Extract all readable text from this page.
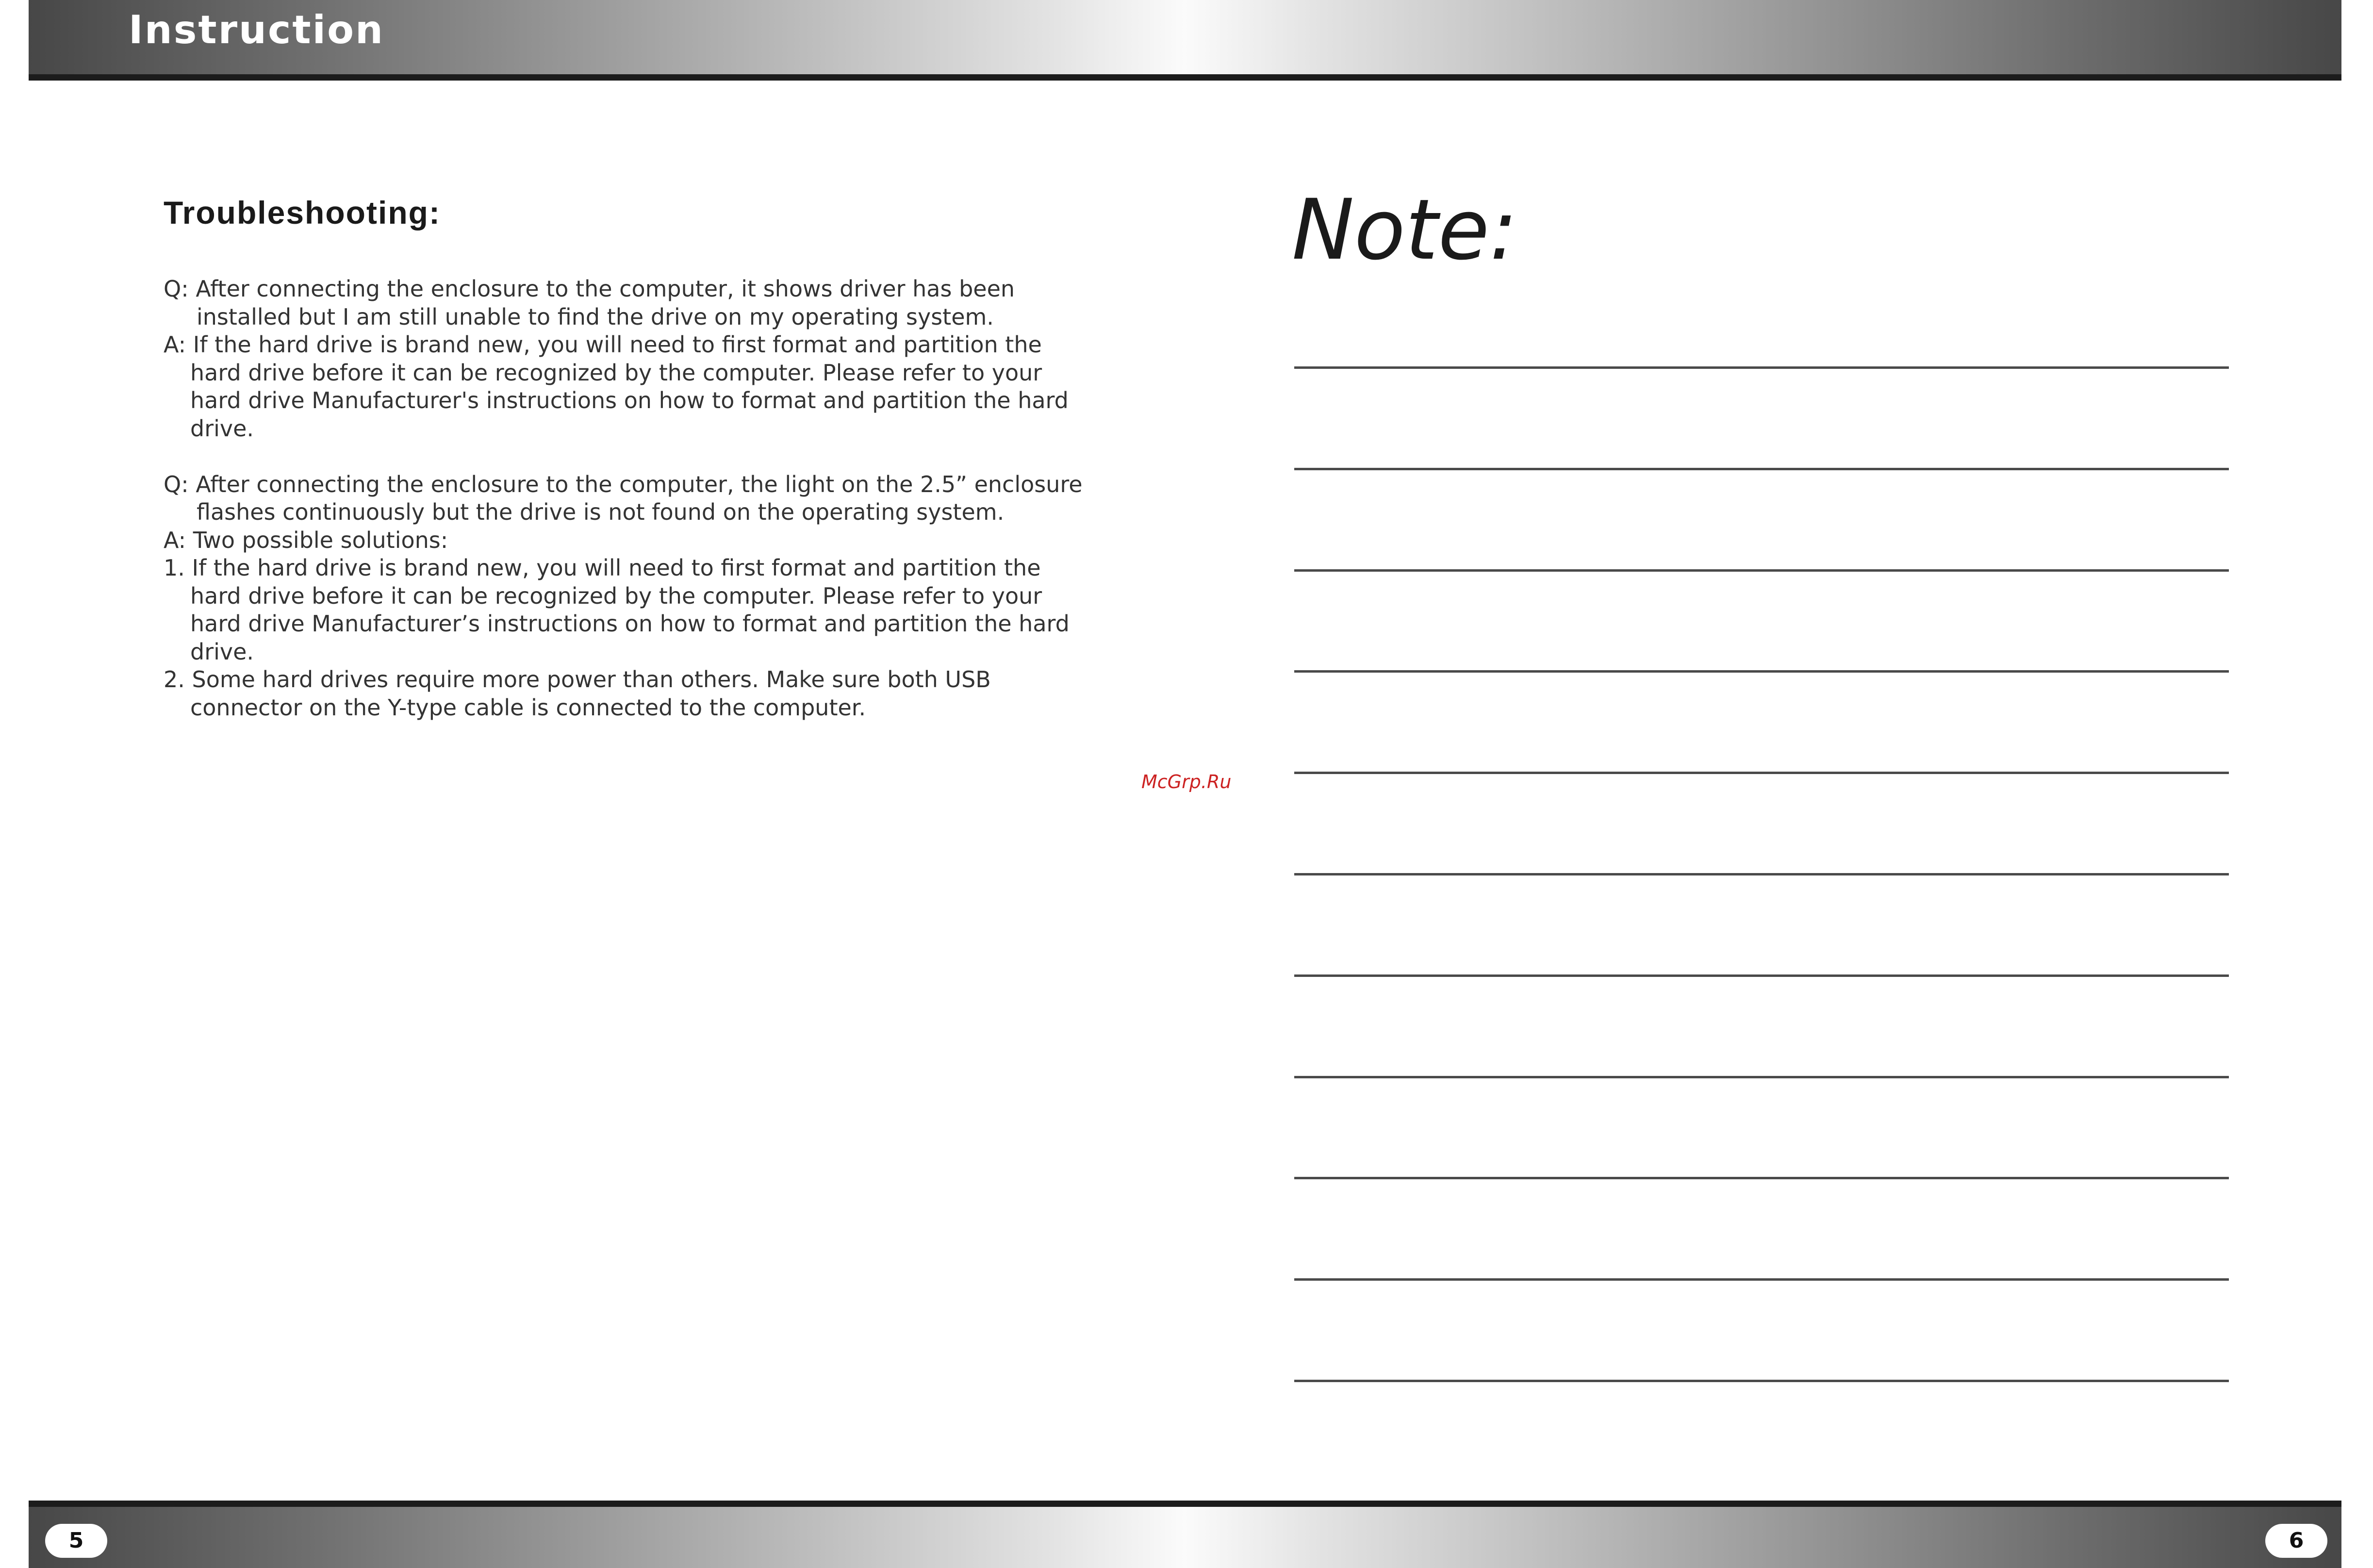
Instruction
Troubleshooting:

Q: After connecting the enclosure to the computer, it shows driver has been installed but I am still unable to find the drive on my operating system.

A: If the hard drive is brand new, you will need to first format and partition the hard drive before it can be recognized by the computer. Please refer to your hard drive Manufacturer's instructions on how to format and partition the hard drive.

Q: After connecting the enclosure to the computer, the light on the 2.5” enclosure flashes continuously but the drive is not found on the operating system.

A: Two possible solutions:

1. If the hard drive is brand new, you will need to first format and partition the hard drive before it can be recognized by the computer. Please refer to your hard drive Manufacturer’s instructions on how to format and partition the hard drive.

2. Some hard drives require more power than others. Make sure both USB connector on the Y-type cable is connected to the computer.

McGrp.Ru
Note:
5	6
